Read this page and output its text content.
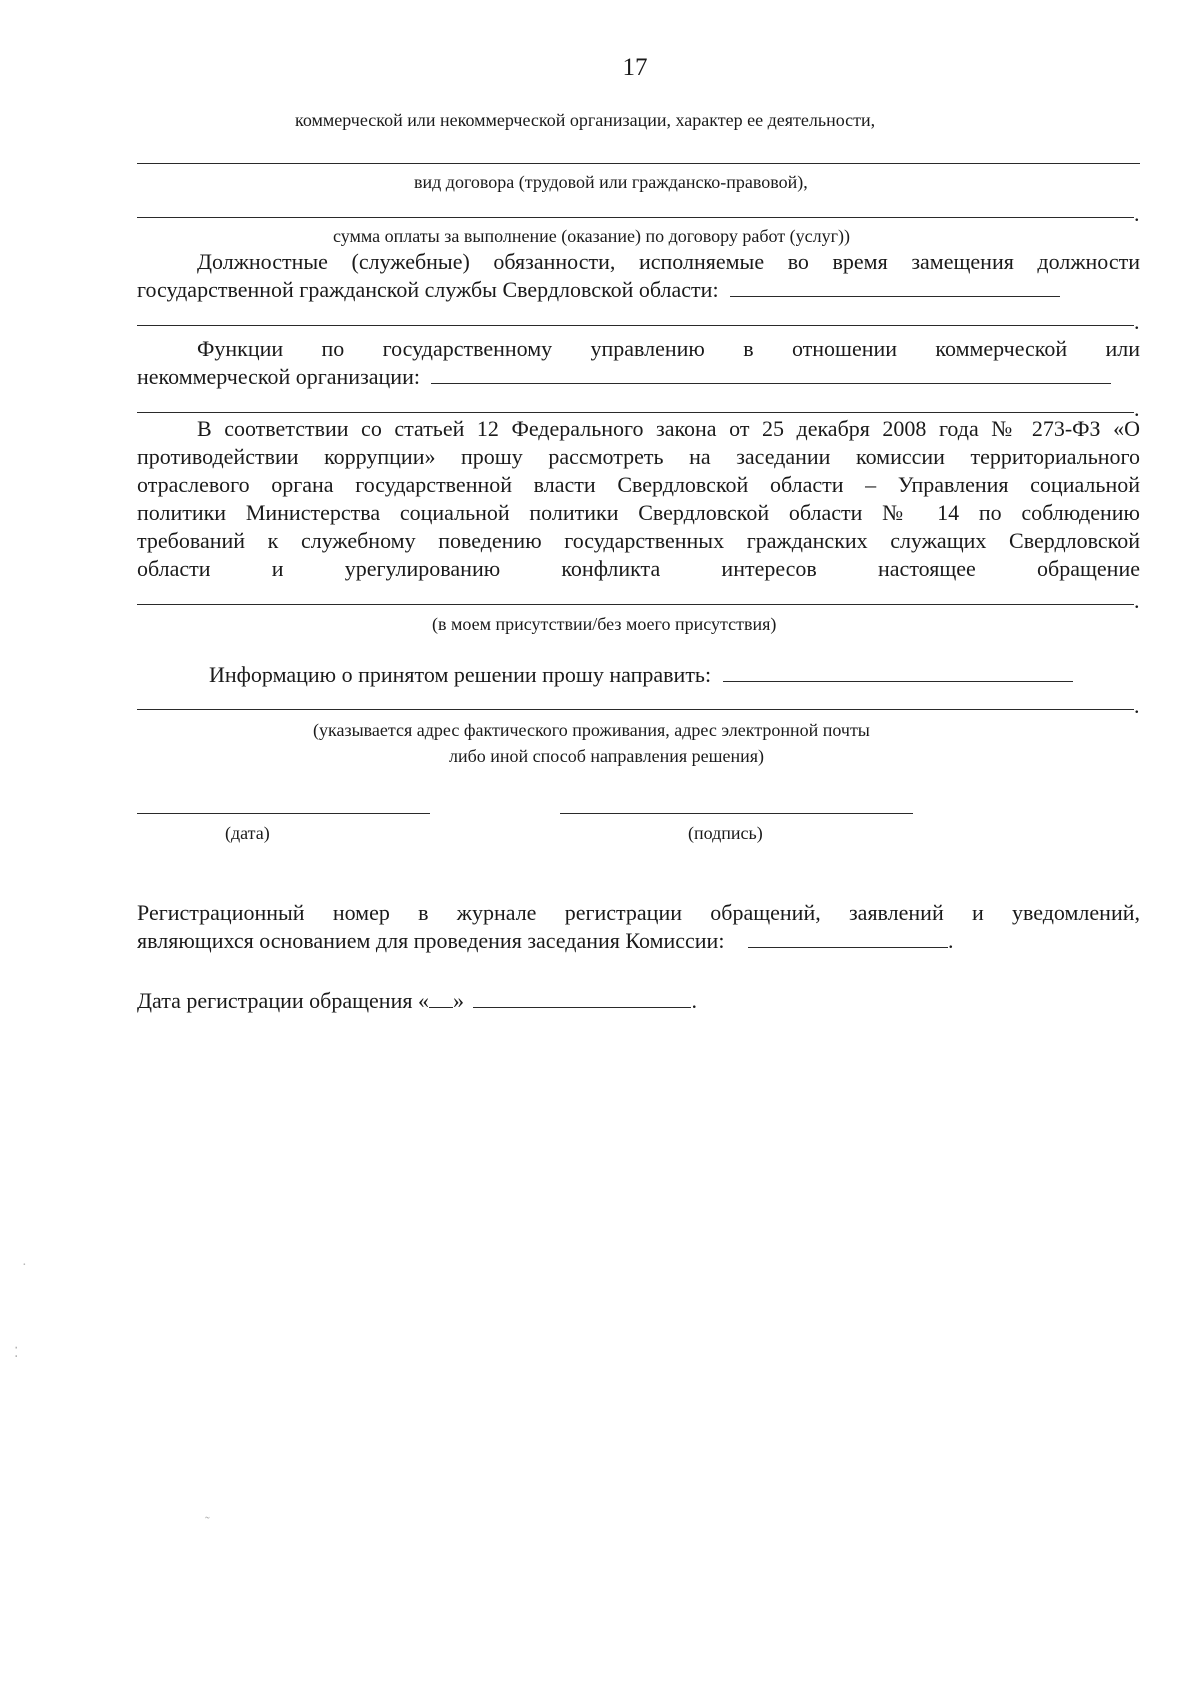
17
коммерческой или некоммерческой организации, характер ее деятельности,
вид договора (трудовой или гражданско-правовой),
.
сумма оплаты за выполнение (оказание) по договору работ (услуг))
Должностные (служебные) обязанности, исполняемые во время замещения должности
государственной гражданской службы Свердловской области:
.
Функции по государственному управлению в отношении коммерческой или
некоммерческой организации:
.
В соответствии со статьей 12 Федерального закона от 25 декабря 2008 года № 273-ФЗ «О
противодействии коррупции» прошу рассмотреть на заседании комиссии территориального
отраслевого органа государственной власти Свердловской области – Управления социальной
политики Министерства социальной политики Свердловской области № 14 по соблюдению
требований к служебному поведению государственных гражданских служащих Свердловской
области и урегулированию конфликта интересов настоящее обращение
.
(в моем присутствии/без моего присутствия)
Информацию о принятом решении прошу направить:
.
(указывается адрес фактического проживания, адрес электронной почты
либо иной способ направления решения)
(дата)	(подпись)
Регистрационный номер в журнале регистрации обращений, заявлений и уведомлений,
являющихся основанием для проведения заседания Комиссии:	.
Дата регистрации обращения « »	.
·
⁚
˷
